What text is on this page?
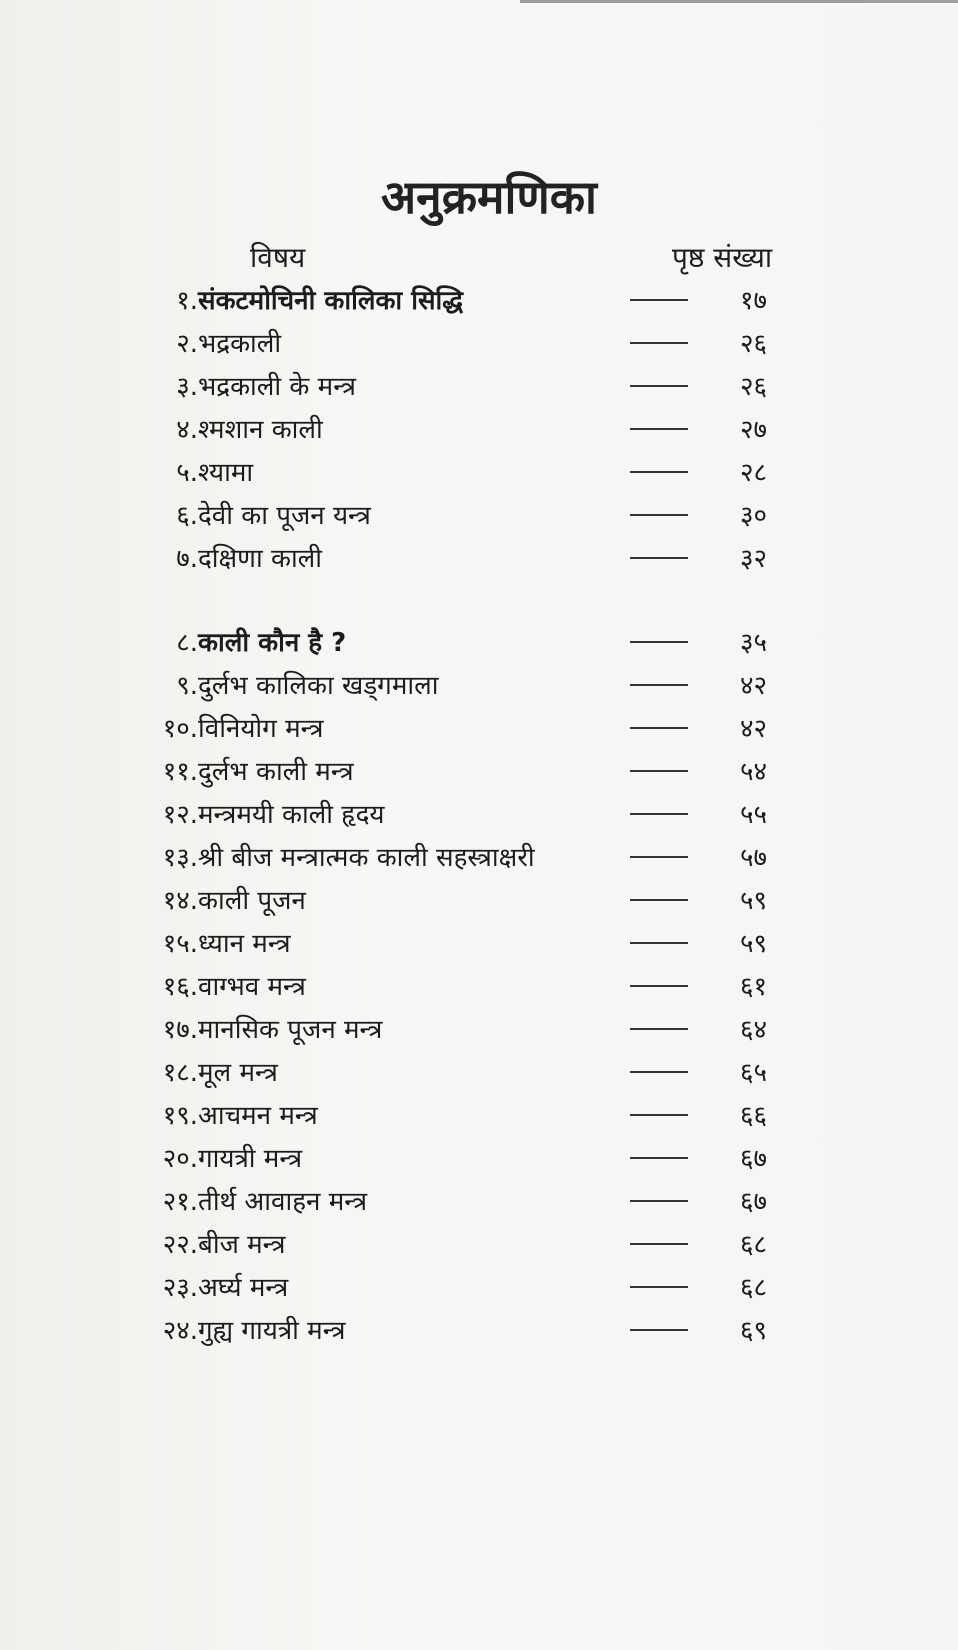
अनुक्रमणिका
विषय	पृष्ठ संख्या
१. संकटमोचिनी कालिका सिद्धि	१७
२. भद्रकाली	२६
३. भद्रकाली के मन्त्र	२६
४. श्मशान काली	२७
५. श्यामा	२८
६. देवी का पूजन यन्त्र	३०
७. दक्षिणा काली	३२
८. काली कौन है ?	३५
९. दुर्लभ कालिका खड्गमाला	४२
१०. विनियोग मन्त्र	४२
११. दुर्लभ काली मन्त्र	५४
१२. मन्त्रमयी काली हृदय	५५
१३. श्री बीज मन्त्रात्मक काली सहस्त्राक्षरी	५७
१४. काली पूजन	५९
१५. ध्यान मन्त्र	५९
१६. वाग्भव मन्त्र	६१
१७. मानसिक पूजन मन्त्र	६४
१८. मूल मन्त्र	६५
१९. आचमन मन्त्र	६६
२०. गायत्री मन्त्र	६७
२१. तीर्थ आवाहन मन्त्र	६७
२२. बीज मन्त्र	६८
२३. अर्घ्य मन्त्र	६८
२४. गुह्य गायत्री मन्त्र	६९
